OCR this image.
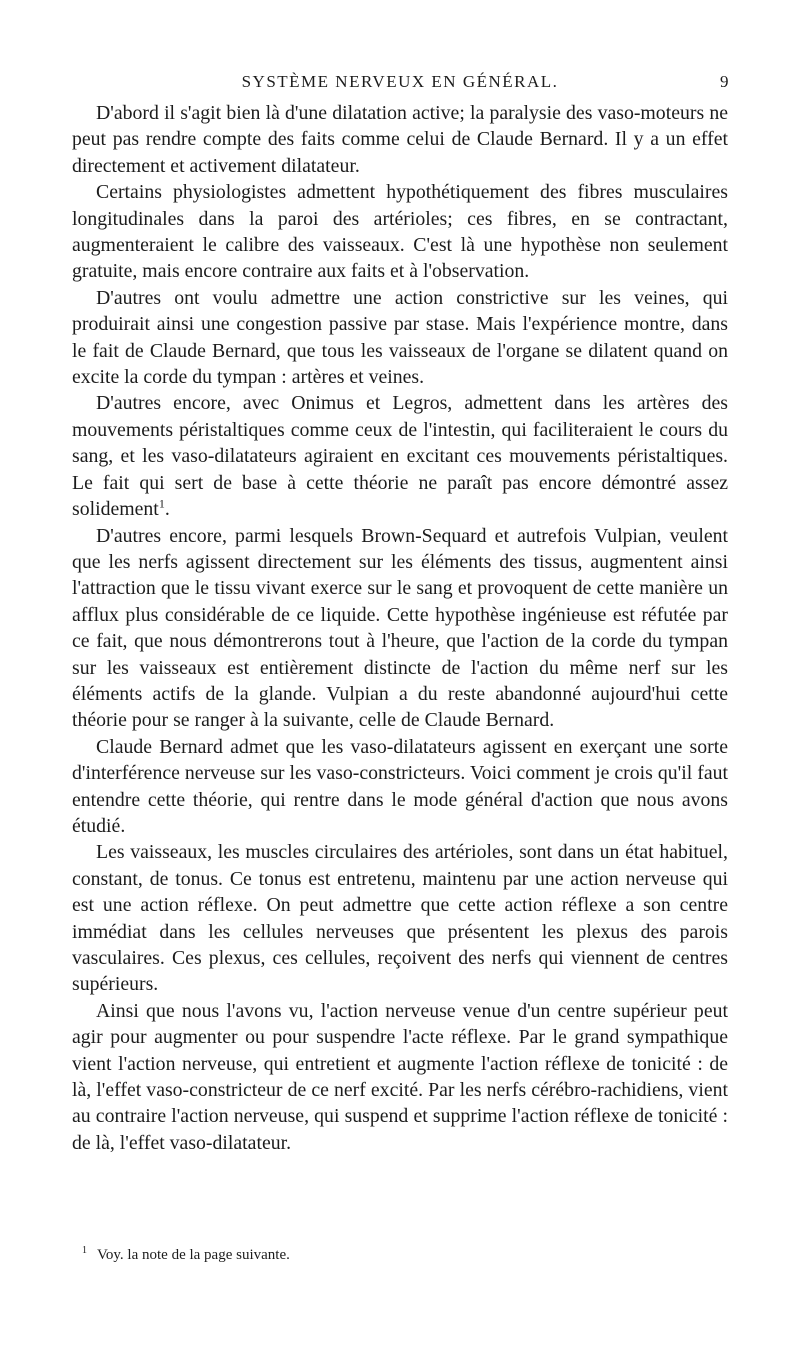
SYSTÈME NERVEUX EN GÉNÉRAL.	9

D'abord il s'agit bien là d'une dilatation active; la paralysie des vaso-moteurs ne peut pas rendre compte des faits comme celui de Claude Bernard. Il y a un effet directement et activement dilatateur.

Certains physiologistes admettent hypothétiquement des fibres musculaires longitudinales dans la paroi des artérioles; ces fibres, en se contractant, augmenteraient le calibre des vaisseaux. C'est là une hypothèse non seulement gratuite, mais encore contraire aux faits et à l'observation.

D'autres ont voulu admettre une action constrictive sur les veines, qui produirait ainsi une congestion passive par stase. Mais l'expérience montre, dans le fait de Claude Bernard, que tous les vaisseaux de l'organe se dilatent quand on excite la corde du tympan : artères et veines.

D'autres encore, avec Onimus et Legros, admettent dans les artères des mouvements péristaltiques comme ceux de l'intestin, qui faciliteraient le cours du sang, et les vaso-dilatateurs agiraient en excitant ces mouvements péristaltiques. Le fait qui sert de base à cette théorie ne paraît pas encore démontré assez solidement$^1$.

D'autres encore, parmi lesquels Brown-Sequard et autrefois Vulpian, veulent que les nerfs agissent directement sur les éléments des tissus, augmentent ainsi l'attraction que le tissu vivant exerce sur le sang et provoquent de cette manière un afflux plus considérable de ce liquide. Cette hypothèse ingénieuse est réfutée par ce fait, que nous démontrerons tout à l'heure, que l'action de la corde du tympan sur les vaisseaux est entièrement distincte de l'action du même nerf sur les éléments actifs de la glande. Vulpian a du reste abandonné aujourd'hui cette théorie pour se ranger à la suivante, celle de Claude Bernard.

Claude Bernard admet que les vaso-dilatateurs agissent en exerçant une sorte d'interférence nerveuse sur les vaso-constricteurs. Voici comment je crois qu'il faut entendre cette théorie, qui rentre dans le mode général d'action que nous avons étudié.

Les vaisseaux, les muscles circulaires des artérioles, sont dans un état habituel, constant, de tonus. Ce tonus est entretenu, maintenu par une action nerveuse qui est une action réflexe. On peut admettre que cette action réflexe a son centre immédiat dans les cellules nerveuses que présentent les plexus des parois vasculaires. Ces plexus, ces cellules, reçoivent des nerfs qui viennent de centres supérieurs.

Ainsi que nous l'avons vu, l'action nerveuse venue d'un centre supérieur peut agir pour augmenter ou pour suspendre l'acte réflexe. Par le grand sympathique vient l'action nerveuse, qui entretient et augmente l'action réflexe de tonicité : de là, l'effet vaso-constricteur de ce nerf excité. Par les nerfs cérébro-rachidiens, vient au contraire l'action nerveuse, qui suspend et supprime l'action réflexe de tonicité : de là, l'effet vaso-dilatateur.

$^1$ Voy. la note de la page suivante.
